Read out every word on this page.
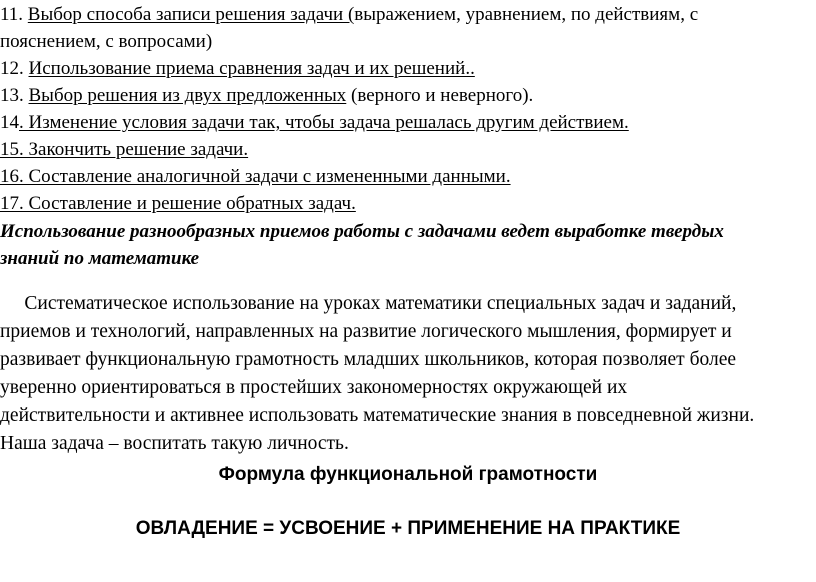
11. Выбор способа записи решения задачи (выражением, уравнением, по действиям, с
пояснением, с вопросами)
12. Использование приема сравнения задач и их решений..
13. Выбор решения из двух предложенных (верного и неверного).
14. Изменение условия задачи так, чтобы задача решалась другим действием.
15. Закончить решение задачи.
16. Составление аналогичной задачи с измененными данными.
17. Составление и решение обратных задач.
Использование разнообразных приемов работы с задачами ведет выработке твердых
знаний по математике
Систематическое использование на уроках математики специальных задач и заданий,
приемов и технологий, направленных на развитие логического мышления, формирует и
развивает функциональную грамотность младших школьников, которая позволяет более
уверенно ориентироваться в простейших закономерностях окружающей их
действительности и активнее использовать математические знания в повседневной жизни.
Наша задача – воспитать такую личность.
Формула функциональной грамотности
ОВЛАДЕНИЕ = УСВОЕНИЕ + ПРИМЕНЕНИЕ НА ПРАКТИКЕ
